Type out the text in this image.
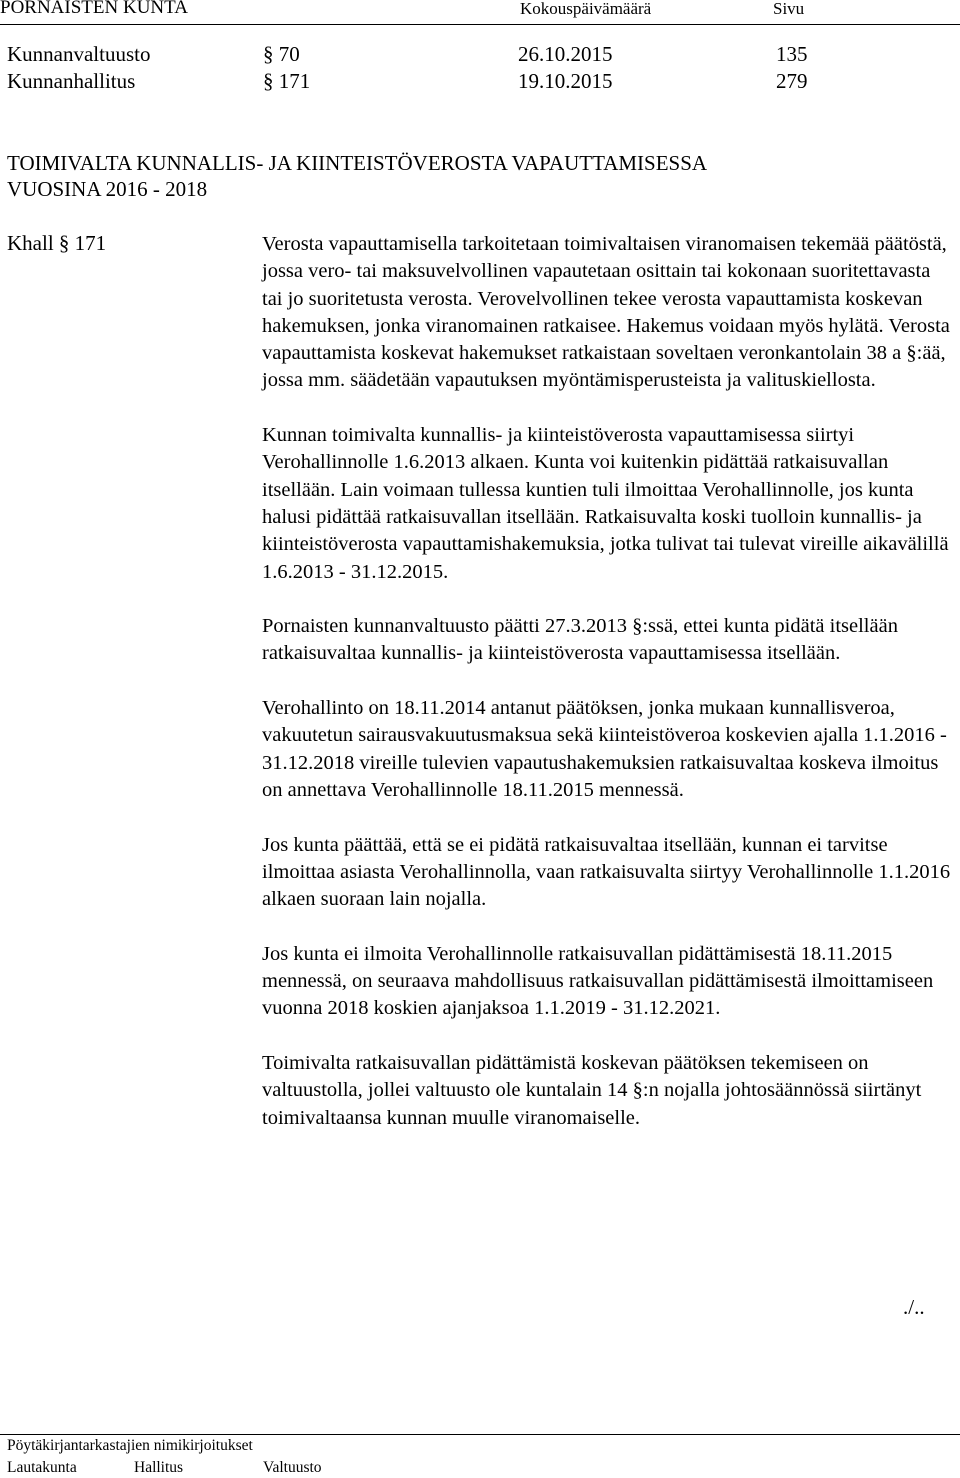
PORNAISTEN KUNTA	Kokouspäivämäärä	Sivu
Kunnanvaltuusto	§ 70	26.10.2015	135
Kunnanhallitus	§ 171	19.10.2015	279
TOIMIVALTA KUNNALLIS- JA KIINTEISTÖVEROSTA VAPAUTTAMISESSA
VUOSINA 2016 - 2018
Khall § 171	Verosta vapauttamisella tarkoitetaan toimivaltaisen viranomaisen tekemää päätöstä, jossa vero- tai maksuvelvollinen vapautetaan osittain tai kokonaan suoritettavasta tai jo suoritetusta verosta. Verovelvollinen tekee verosta vapauttamista koskevan hakemuksen, jonka viranomainen ratkaisee. Hakemus voidaan myös hylätä. Verosta vapauttamista koskevat hakemukset ratkaistaan soveltaen veronkantolain 38 a §:ää, jossa mm. säädetään vapautuksen myöntämisperusteista ja valituskiellosta.

Kunnan toimivalta kunnallis- ja kiinteistöverosta vapauttamisessa siirtyi Verohallinnolle 1.6.2013 alkaen. Kunta voi kuitenkin pidättää ratkaisuvallan itsellään. Lain voimaan tullessa kuntien tuli ilmoittaa Verohallinnolle, jos kunta halusi pidättää ratkaisuvallan itsellään. Ratkaisuvalta koski tuolloin kunnallis- ja kiinteistöverosta vapauttamishakemuksia, jotka tulivat tai tulevat vireille aikavälillä 1.6.2013 - 31.12.2015.

Pornaisten kunnanvaltuusto päätti 27.3.2013 §:ssä, ettei kunta pidätä itsellään ratkaisuvaltaa kunnallis- ja kiinteistöverosta vapauttamisessa itsellään.

Verohallinto on 18.11.2014 antanut päätöksen, jonka mukaan kunnallisveroa, vakuutetun sairausvakuutusmaksua sekä kiinteistöveroa koskevien ajalla 1.1.2016 - 31.12.2018 vireille tulevien vapautushakemuksien ratkaisuvaltaa koskeva ilmoitus on annettava Verohallinnolle 18.11.2015 mennessä.

Jos kunta päättää, että se ei pidätä ratkaisuvaltaa itsellään, kunnan ei tarvitse ilmoittaa asiasta Verohallinnolla, vaan ratkaisuvalta siirtyy Verohallinnolle 1.1.2016 alkaen suoraan lain nojalla.

Jos kunta ei ilmoita Verohallinnolle ratkaisuvallan pidättämisestä 18.11.2015 mennessä, on seuraava mahdollisuus ratkaisuvallan pidättämisestä ilmoittamiseen vuonna 2018 koskien ajanjaksoa 1.1.2019 - 31.12.2021.

Toimivalta ratkaisuvallan pidättämistä koskevan päätöksen tekemiseen on valtuustolla, jollei valtuusto ole kuntalain 14 §:n nojalla johtosäännössä siirtänyt toimivaltaansa kunnan muulle viranomaiselle.

./..
Pöytäkirjantarkastajien nimikirjoitukset
Lautakunta	Hallitus	Valtuusto
